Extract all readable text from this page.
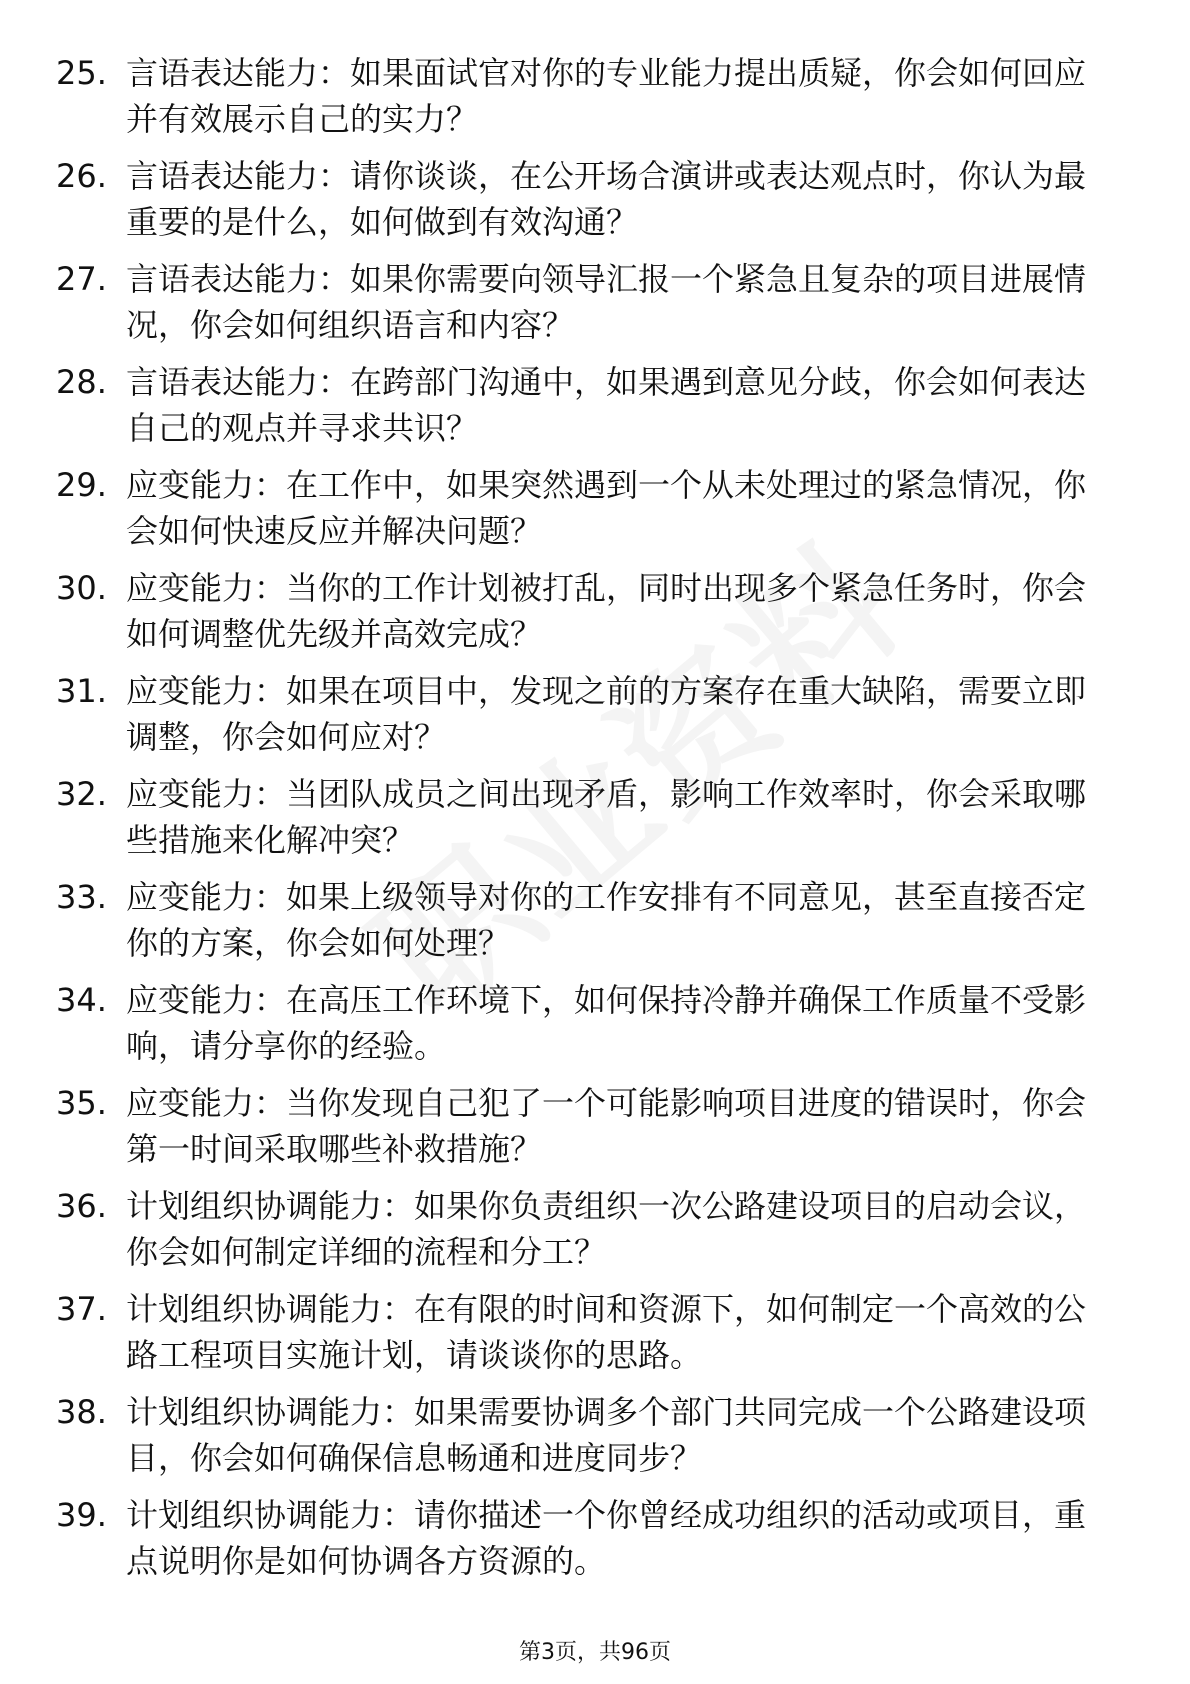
25. 言语表达能力：如果面试官对你的专业能力提出质疑，你会如何回应并有效展示自己的实力？
26. 言语表达能力：请你谈谈，在公开场合演讲或表达观点时，你认为最重要的是什么，如何做到有效沟通？
27. 言语表达能力：如果你需要向领导汇报一个紧急且复杂的项目进展情况，你会如何组织语言和内容？
28. 言语表达能力：在跨部门沟通中，如果遇到意见分歧，你会如何表达自己的观点并寻求共识？
29. 应变能力：在工作中，如果突然遇到一个从未处理过的紧急情况，你会如何快速反应并解决问题？
30. 应变能力：当你的工作计划被打乱，同时出现多个紧急任务时，你会如何调整优先级并高效完成？
31. 应变能力：如果在项目中，发现之前的方案存在重大缺陷，需要立即调整，你会如何应对？
32. 应变能力：当团队成员之间出现矛盾，影响工作效率时，你会采取哪些措施来化解冲突？
33. 应变能力：如果上级领导对你的工作安排有不同意见，甚至直接否定你的方案，你会如何处理？
34. 应变能力：在高压工作环境下，如何保持冷静并确保工作质量不受影响，请分享你的经验。
35. 应变能力：当你发现自己犯了一个可能影响项目进度的错误时，你会第一时间采取哪些补救措施？
36. 计划组织协调能力：如果你负责组织一次公路建设项目的启动会议，你会如何制定详细的流程和分工？
37. 计划组织协调能力：在有限的时间和资源下，如何制定一个高效的公路工程项目实施计划，请谈谈你的思路。
38. 计划组织协调能力：如果需要协调多个部门共同完成一个公路建设项目，你会如何确保信息畅通和进度同步？
39. 计划组织协调能力：请你描述一个你曾经成功组织的活动或项目，重点说明你是如何协调各方资源的。
第3页，共96页
